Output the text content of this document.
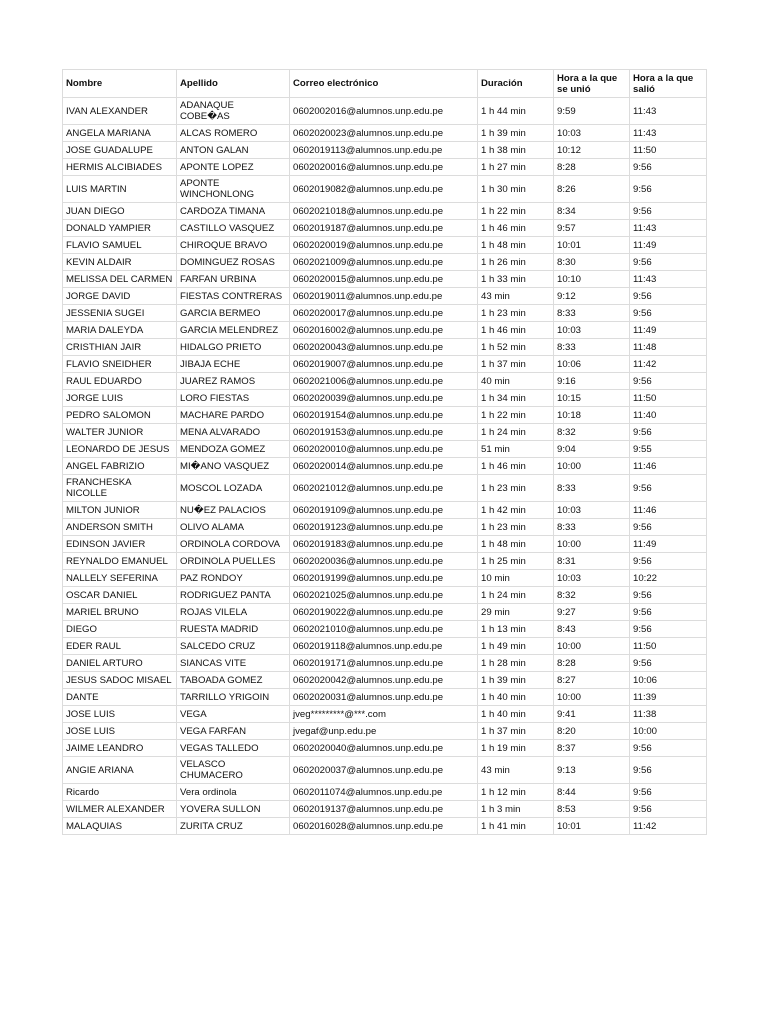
Nombre	Apellido	Correo electrónico	Duración	Hora a la que se unió	Hora a la que salió
IVAN ALEXANDER	ADANAQUE COBE�AS	0602002016@alumnos.unp.edu.pe	1 h 44 min	9:59	11:43
ANGELA MARIANA	ALCAS ROMERO	0602020023@alumnos.unp.edu.pe	1 h 39 min	10:03	11:43
JOSE GUADALUPE	ANTON GALAN	0602019113@alumnos.unp.edu.pe	1 h 38 min	10:12	11:50
HERMIS ALCIBIADES	APONTE LOPEZ	0602020016@alumnos.unp.edu.pe	1 h 27 min	8:28	9:56
LUIS MARTIN	APONTE WINCHONLONG	0602019082@alumnos.unp.edu.pe	1 h 30 min	8:26	9:56
JUAN DIEGO	CARDOZA TIMANA	0602021018@alumnos.unp.edu.pe	1 h 22 min	8:34	9:56
DONALD YAMPIER	CASTILLO VASQUEZ	0602019187@alumnos.unp.edu.pe	1 h 46 min	9:57	11:43
FLAVIO SAMUEL	CHIROQUE BRAVO	0602020019@alumnos.unp.edu.pe	1 h 48 min	10:01	11:49
KEVIN ALDAIR	DOMINGUEZ ROSAS	0602021009@alumnos.unp.edu.pe	1 h 26 min	8:30	9:56
MELISSA DEL CARMEN	FARFAN URBINA	0602020015@alumnos.unp.edu.pe	1 h 33 min	10:10	11:43
JORGE DAVID	FIESTAS CONTRERAS	0602019011@alumnos.unp.edu.pe	43 min	9:12	9:56
JESSENIA SUGEI	GARCIA BERMEO	0602020017@alumnos.unp.edu.pe	1 h 23 min	8:33	9:56
MARIA DALEYDA	GARCIA MELENDREZ	0602016002@alumnos.unp.edu.pe	1 h 46 min	10:03	11:49
CRISTHIAN JAIR	HIDALGO PRIETO	0602020043@alumnos.unp.edu.pe	1 h 52 min	8:33	11:48
FLAVIO SNEIDHER	JIBAJA ECHE	0602019007@alumnos.unp.edu.pe	1 h 37 min	10:06	11:42
RAUL EDUARDO	JUAREZ RAMOS	0602021006@alumnos.unp.edu.pe	40 min	9:16	9:56
JORGE LUIS	LORO FIESTAS	0602020039@alumnos.unp.edu.pe	1 h 34 min	10:15	11:50
PEDRO SALOMON	MACHARE PARDO	0602019154@alumnos.unp.edu.pe	1 h 22 min	10:18	11:40
WALTER JUNIOR	MENA ALVARADO	0602019153@alumnos.unp.edu.pe	1 h 24 min	8:32	9:56
LEONARDO DE JESUS	MENDOZA GOMEZ	0602020010@alumnos.unp.edu.pe	51 min	9:04	9:55
ANGEL FABRIZIO	MI�ANO VASQUEZ	0602020014@alumnos.unp.edu.pe	1 h 46 min	10:00	11:46
FRANCHESKA NICOLLE	MOSCOL LOZADA	0602021012@alumnos.unp.edu.pe	1 h 23 min	8:33	9:56
MILTON JUNIOR	NU�EZ PALACIOS	0602019109@alumnos.unp.edu.pe	1 h 42 min	10:03	11:46
ANDERSON SMITH	OLIVO ALAMA	0602019123@alumnos.unp.edu.pe	1 h 23 min	8:33	9:56
EDINSON JAVIER	ORDINOLA CORDOVA	0602019183@alumnos.unp.edu.pe	1 h 48 min	10:00	11:49
REYNALDO EMANUEL	ORDINOLA PUELLES	0602020036@alumnos.unp.edu.pe	1 h 25 min	8:31	9:56
NALLELY SEFERINA	PAZ RONDOY	0602019199@alumnos.unp.edu.pe	10 min	10:03	10:22
OSCAR DANIEL	RODRIGUEZ PANTA	0602021025@alumnos.unp.edu.pe	1 h 24 min	8:32	9:56
MARIEL BRUNO	ROJAS VILELA	0602019022@alumnos.unp.edu.pe	29 min	9:27	9:56
DIEGO	RUESTA MADRID	0602021010@alumnos.unp.edu.pe	1 h 13 min	8:43	9:56
EDER RAUL	SALCEDO CRUZ	0602019118@alumnos.unp.edu.pe	1 h 49 min	10:00	11:50
DANIEL ARTURO	SIANCAS VITE	0602019171@alumnos.unp.edu.pe	1 h 28 min	8:28	9:56
JESUS SADOC MISAEL	TABOADA GOMEZ	0602020042@alumnos.unp.edu.pe	1 h 39 min	8:27	10:06
DANTE	TARRILLO YRIGOIN	0602020031@alumnos.unp.edu.pe	1 h 40 min	10:00	11:39
JOSE LUIS	VEGA	jveg*********@***.com	1 h 40 min	9:41	11:38
JOSE LUIS	VEGA FARFAN	jvegaf@unp.edu.pe	1 h 37 min	8:20	10:00
JAIME LEANDRO	VEGAS TALLEDO	0602020040@alumnos.unp.edu.pe	1 h 19 min	8:37	9:56
ANGIE ARIANA	VELASCO CHUMACERO	0602020037@alumnos.unp.edu.pe	43 min	9:13	9:56
Ricardo	Vera ordinola	0602011074@alumnos.unp.edu.pe	1 h 12 min	8:44	9:56
WILMER ALEXANDER	YOVERA SULLON	0602019137@alumnos.unp.edu.pe	1 h 3 min	8:53	9:56
MALAQUIAS	ZURITA CRUZ	0602016028@alumnos.unp.edu.pe	1 h 41 min	10:01	11:42
